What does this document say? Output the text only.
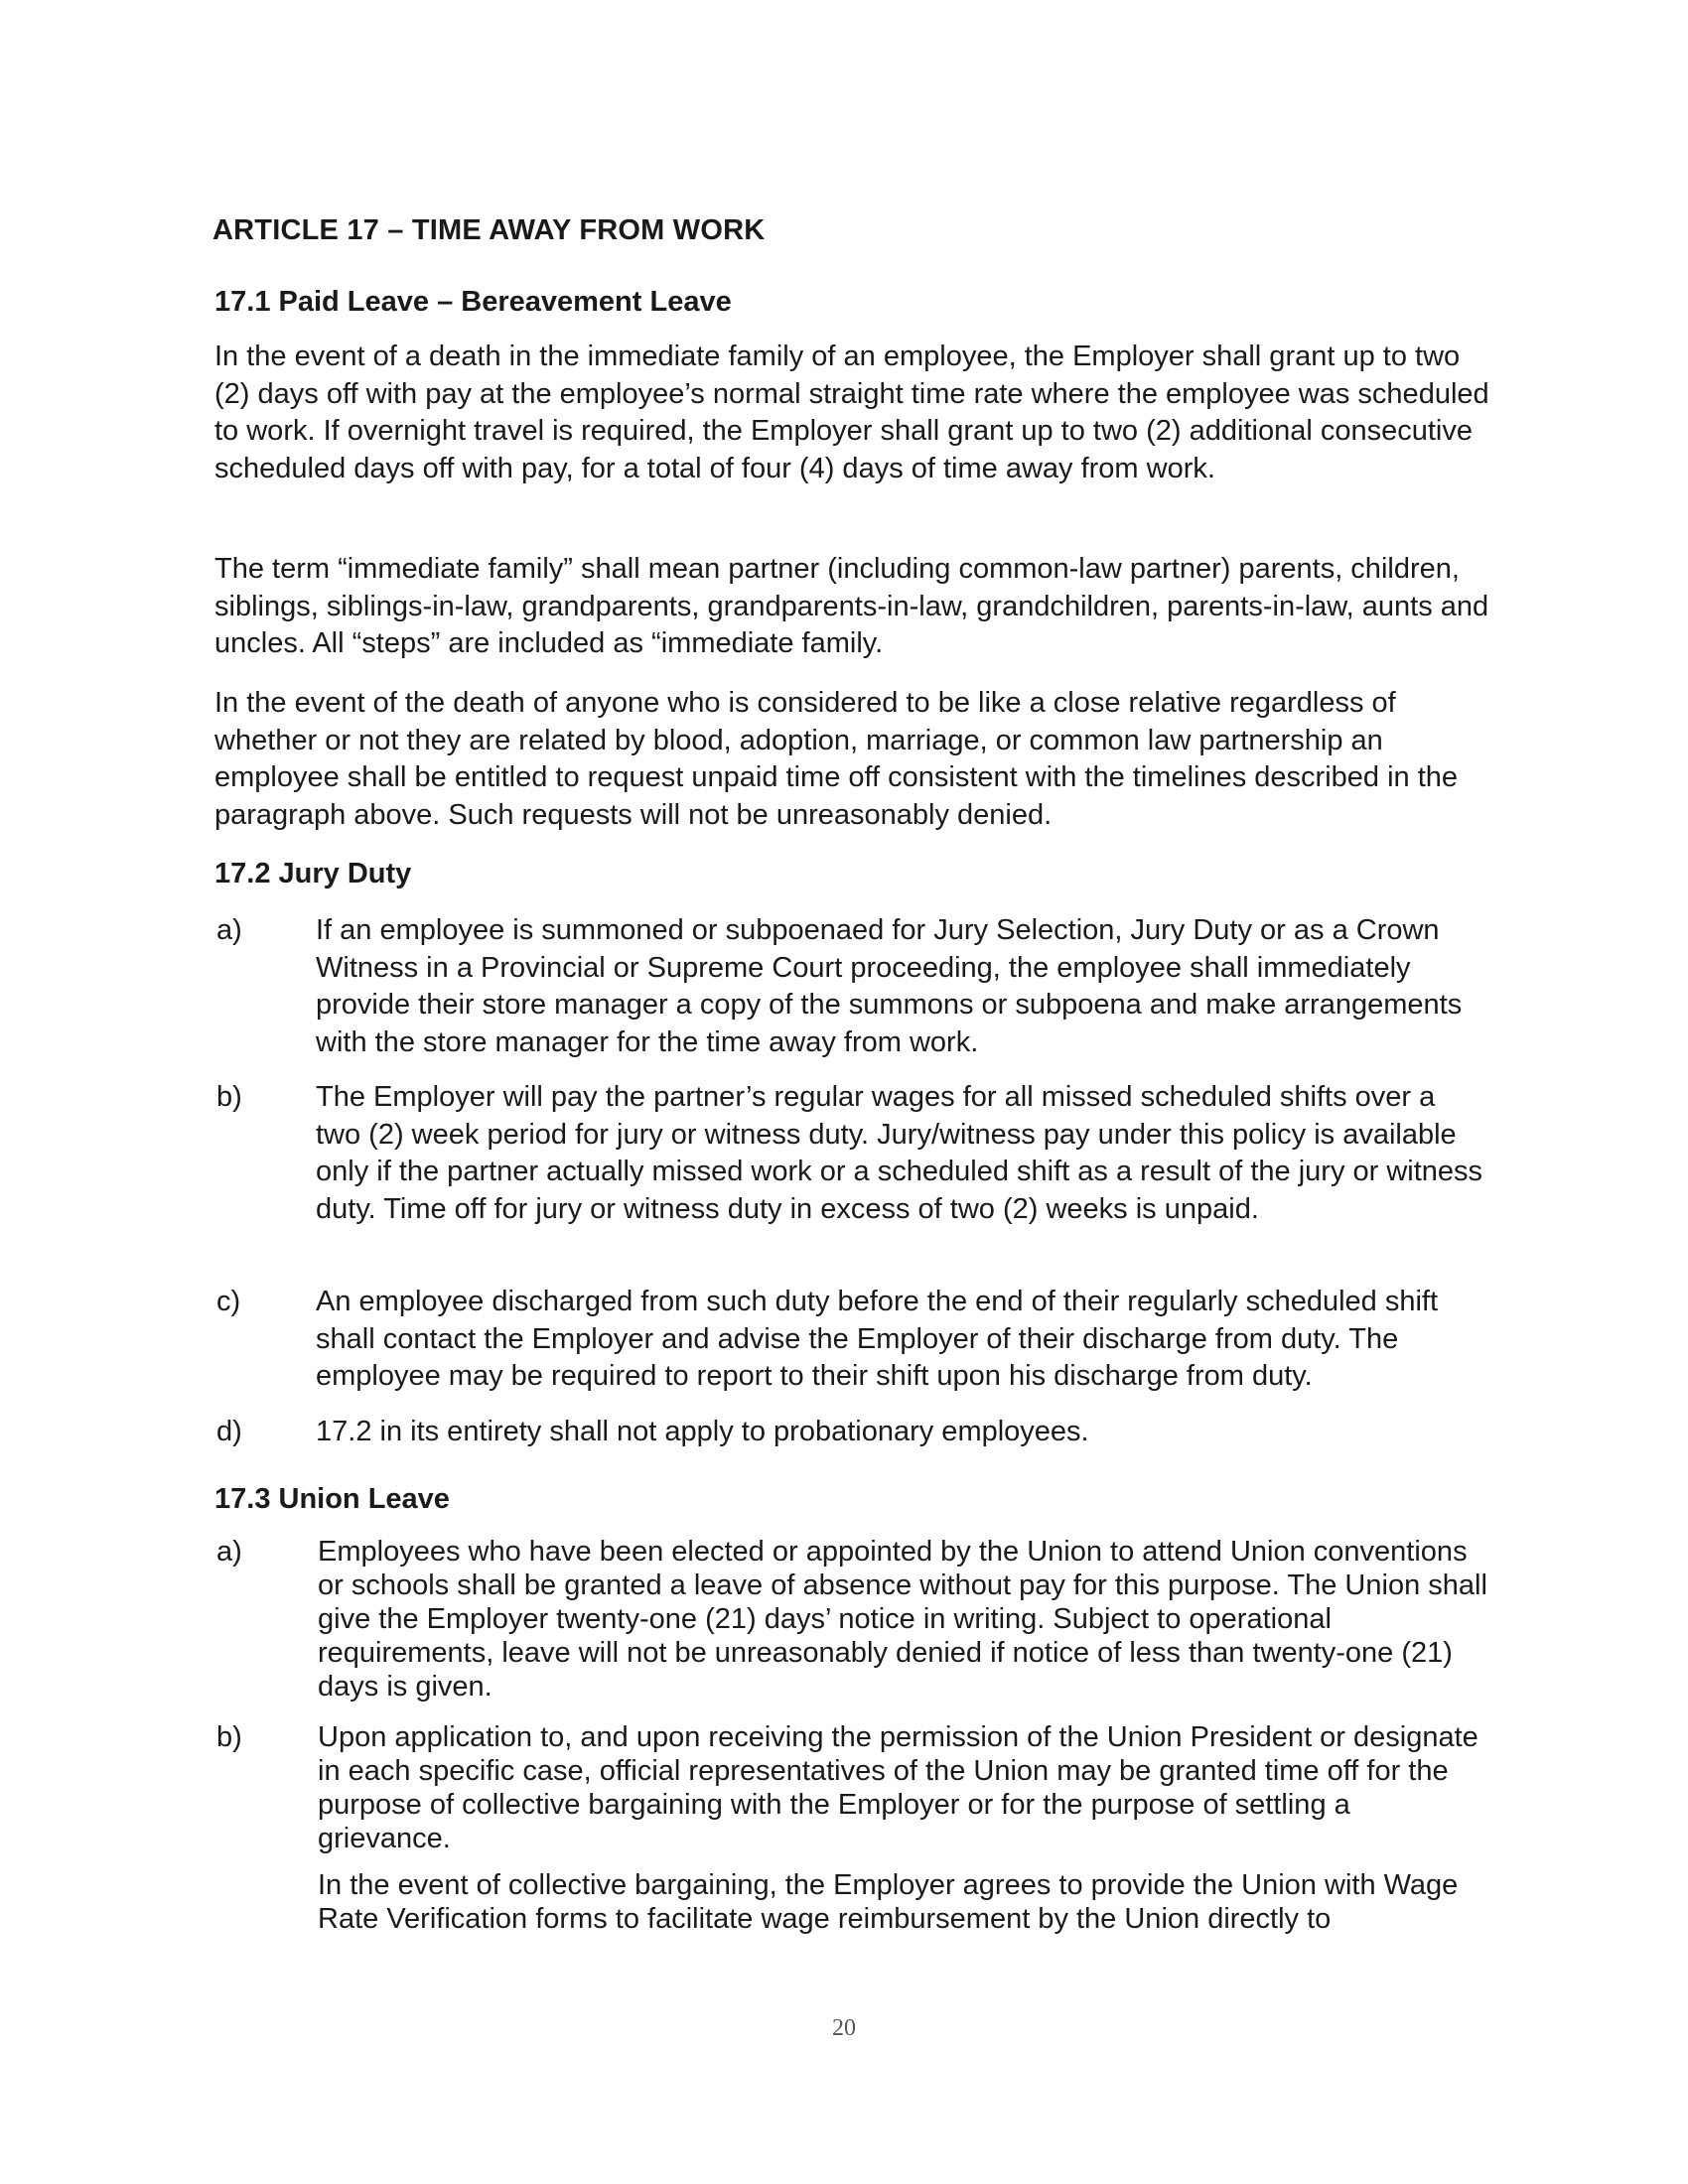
ARTICLE 17 – TIME AWAY FROM WORK
17.1 Paid Leave – Bereavement Leave
In the event of a death in the immediate family of an employee, the Employer shall grant up to two (2) days off with pay at the employee’s normal straight time rate where the employee was scheduled to work. If overnight travel is required, the Employer shall grant up to two (2) additional consecutive scheduled days off with pay, for a total of four (4) days of time away from work.
The term “immediate family” shall mean partner (including common-law partner) parents, children, siblings, siblings-in-law, grandparents, grandparents-in-law, grandchildren, parents-in-law, aunts and uncles. All “steps” are included as “immediate family.
In the event of the death of anyone who is considered to be like a close relative regardless of whether or not they are related by blood, adoption, marriage, or common law partnership an employee shall be entitled to request unpaid time off consistent with the timelines described in the paragraph above. Such requests will not be unreasonably denied.
17.2 Jury Duty
a)	If an employee is summoned or subpoenaed for Jury Selection, Jury Duty or as a Crown Witness in a Provincial or Supreme Court proceeding, the employee shall immediately provide their store manager a copy of the summons or subpoena and make arrangements with the store manager for the time away from work.
b)	The Employer will pay the partner’s regular wages for all missed scheduled shifts over a two (2) week period for jury or witness duty. Jury/witness pay under this policy is available only if the partner actually missed work or a scheduled shift as a result of the jury or witness duty. Time off for jury or witness duty in excess of two (2) weeks is unpaid.
c)	An employee discharged from such duty before the end of their regularly scheduled shift shall contact the Employer and advise the Employer of their discharge from duty. The employee may be required to report to their shift upon his discharge from duty.
d)	17.2 in its entirety shall not apply to probationary employees.
17.3 Union Leave
a)	Employees who have been elected or appointed by the Union to attend Union conventions or schools shall be granted a leave of absence without pay for this purpose. The Union shall give the Employer twenty-one (21) days’ notice in writing. Subject to operational requirements, leave will not be unreasonably denied if notice of less than twenty-one (21) days is given.
b)	Upon application to, and upon receiving the permission of the Union President or designate in each specific case, official representatives of the Union may be granted time off for the purpose of collective bargaining with the Employer or for the purpose of settling a grievance.
In the event of collective bargaining, the Employer agrees to provide the Union with Wage Rate Verification forms to facilitate wage reimbursement by the Union directly to
20
